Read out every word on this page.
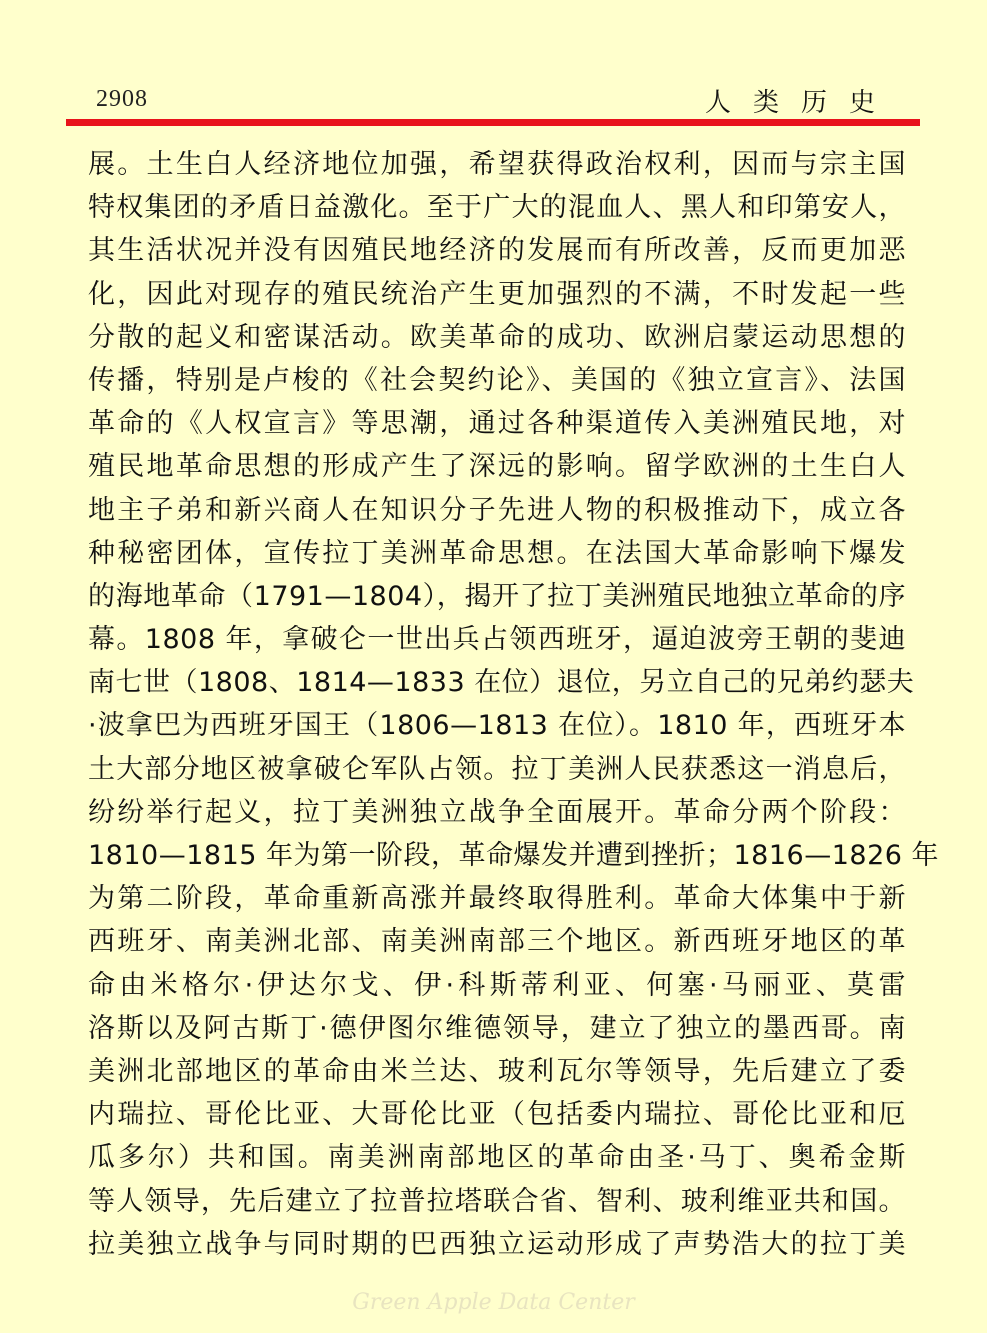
2908	人类历史
展。土生白人经济地位加强，希望获得政治权利，因而与宗主国
特权集团的矛盾日益激化。至于广大的混血人、黑人和印第安人，
其生活状况并没有因殖民地经济的发展而有所改善，反而更加恶
化，因此对现存的殖民统治产生更加强烈的不满，不时发起一些
分散的起义和密谋活动。欧美革命的成功、欧洲启蒙运动思想的
传播，特别是卢梭的《社会契约论》、美国的《独立宣言》、法国
革命的《人权宣言》等思潮，通过各种渠道传入美洲殖民地，对
殖民地革命思想的形成产生了深远的影响。留学欧洲的土生白人
地主子弟和新兴商人在知识分子先进人物的积极推动下，成立各
种秘密团体，宣传拉丁美洲革命思想。在法国大革命影响下爆发
的海地革命（1791—1804），揭开了拉丁美洲殖民地独立革命的序
幕。1808 年，拿破仑一世出兵占领西班牙，逼迫波旁王朝的斐迪
南七世（1808、1814—1833 在位）退位，另立自己的兄弟约瑟夫
·波拿巴为西班牙国王（1806—1813 在位）。1810 年，西班牙本
土大部分地区被拿破仑军队占领。拉丁美洲人民获悉这一消息后，
纷纷举行起义，拉丁美洲独立战争全面展开。革命分两个阶段：
1810—1815 年为第一阶段，革命爆发并遭到挫折；1816—1826 年
为第二阶段，革命重新高涨并最终取得胜利。革命大体集中于新
西班牙、南美洲北部、南美洲南部三个地区。新西班牙地区的革
命由米格尔·伊达尔戈、伊·科斯蒂利亚、何塞·马丽亚、莫雷
洛斯以及阿古斯丁·德伊图尔维德领导，建立了独立的墨西哥。南
美洲北部地区的革命由米兰达、玻利瓦尔等领导，先后建立了委
内瑞拉、哥伦比亚、大哥伦比亚（包括委内瑞拉、哥伦比亚和厄
瓜多尔）共和国。南美洲南部地区的革命由圣·马丁、奥希金斯
等人领导，先后建立了拉普拉塔联合省、智利、玻利维亚共和国。
拉美独立战争与同时期的巴西独立运动形成了声势浩大的拉丁美
Green Apple Data Center
